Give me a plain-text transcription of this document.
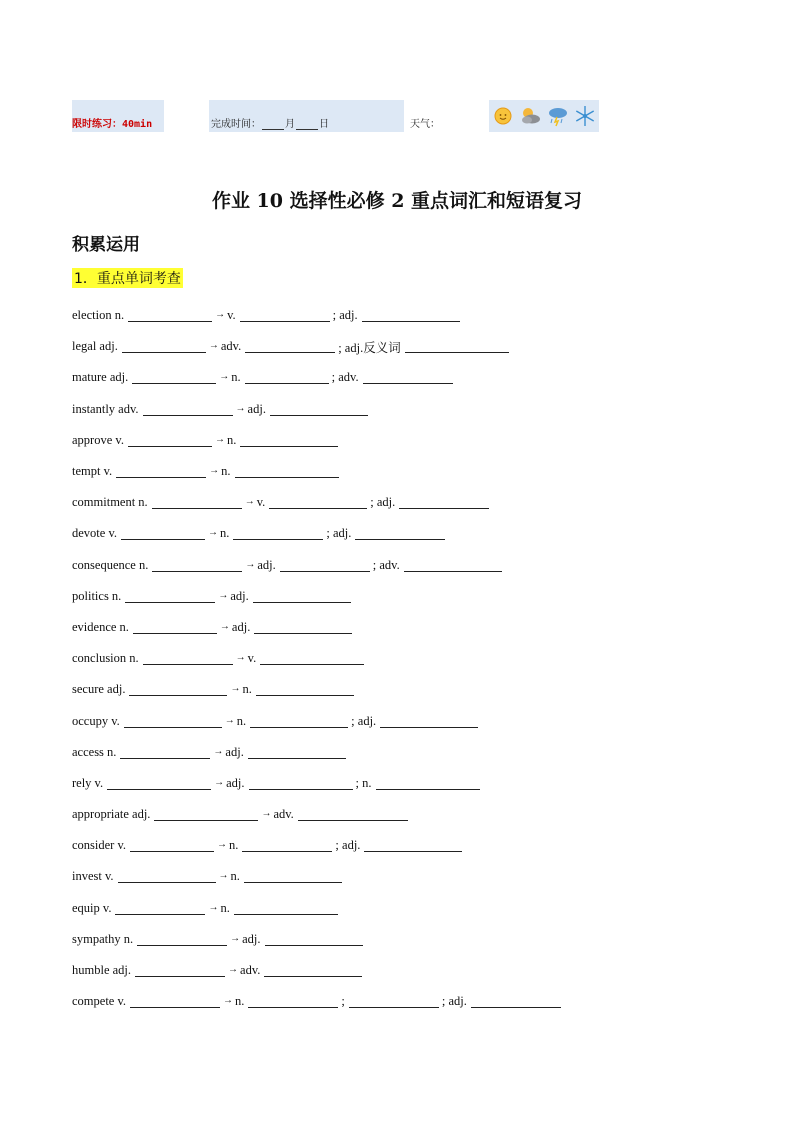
限时练习： 40min	完成时间： 月 日	天气：
作业 10 选择性必修 2 重点词汇和短语复习
积累运用
1．重点单词考查
election n.	→ v.	; adj.
legal adj.	→ adv.	; adj.反义词
mature adj.	→ n.	; adv.
instantly adv.	→ adj.
approve v.	→ n.
tempt v.	→ n.
commitment n.	→ v.	; adj.
devote v.	→ n.	; adj.
consequence n.	→ adj.	; adv.
politics n.	→ adj.
evidence n.	→ adj.
conclusion n.	→ v.
secure adj.	→ n.
occupy v.	→ n.	; adj.
access n.	→ adj.
rely v.	→ adj.	; n.
appropriate adj.	→ adv.
consider v.	→ n.	; adj.
invest v.	→ n.
equip v.	→ n.
sympathy n.	→ adj.
humble adj.	→ adv.
compete v.	→ n.	;	; adj.
